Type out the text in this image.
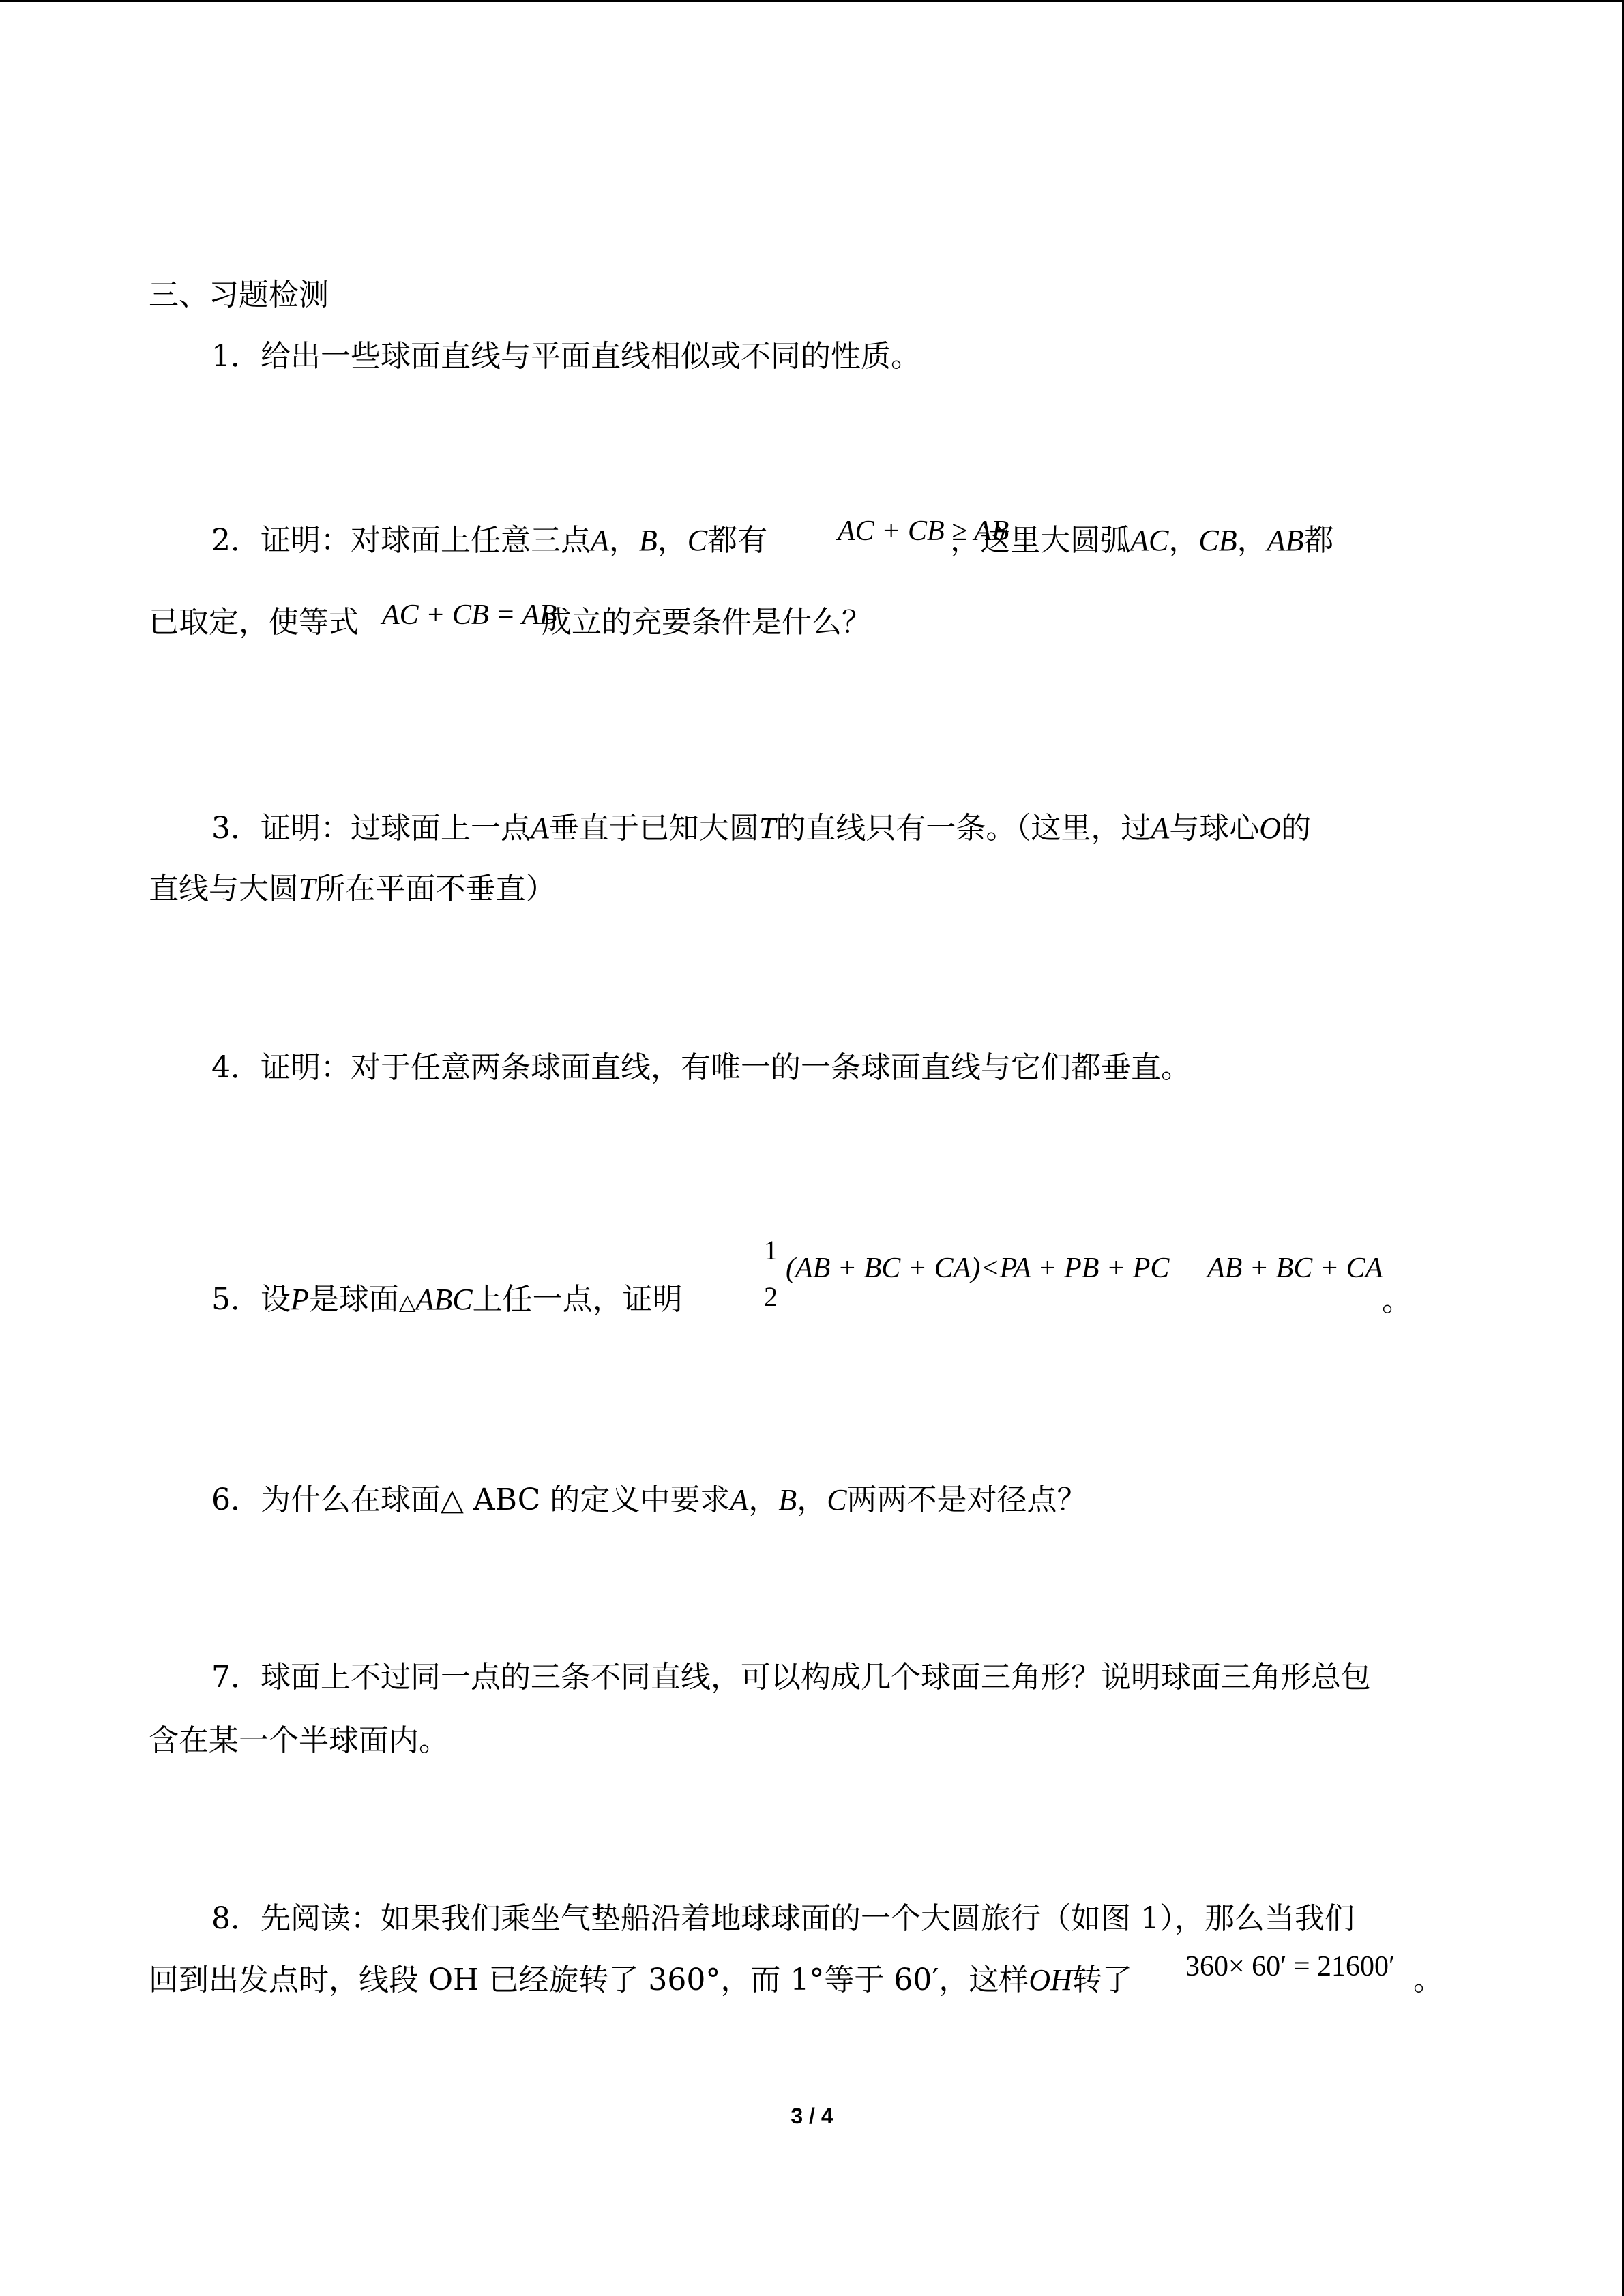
三、习题检测
1．给出一些球面直线与平面直线相似或不同的性质。
2．证明：对球面上任意三点A，B，C都有	，这里大圆弧AC，CB，AB都
AC + CB ≥ AB
已取定，使等式	成立的充要条件是什么？
AC + CB = AB
3．证明：过球面上一点A垂直于已知大圆T的直线只有一条。（这里，过A与球心O的
直线与大圆T所在平面不垂直）
4．证明：对于任意两条球面直线，有唯一的一条球面直线与它们都垂直。
5．设P是球面△ABC上任一点，证明
1
2
(AB + BC + CA)<PA + PB + PC AB + BC + CA
。
6．为什么在球面△ ABC 的定义中要求A，B，C两两不是对径点？
7．球面上不过同一点的三条不同直线，可以构成几个球面三角形？说明球面三角形总包
含在某一个半球面内。
8．先阅读：如果我们乘坐气垫船沿着地球球面的一个大圆旅行（如图 1），那么当我们
回到出发点时，线段 OH 已经旋转了 360°，而 1°等于 60′，这样OH转了	360× 60′ = 21600′ 。
3 / 4
